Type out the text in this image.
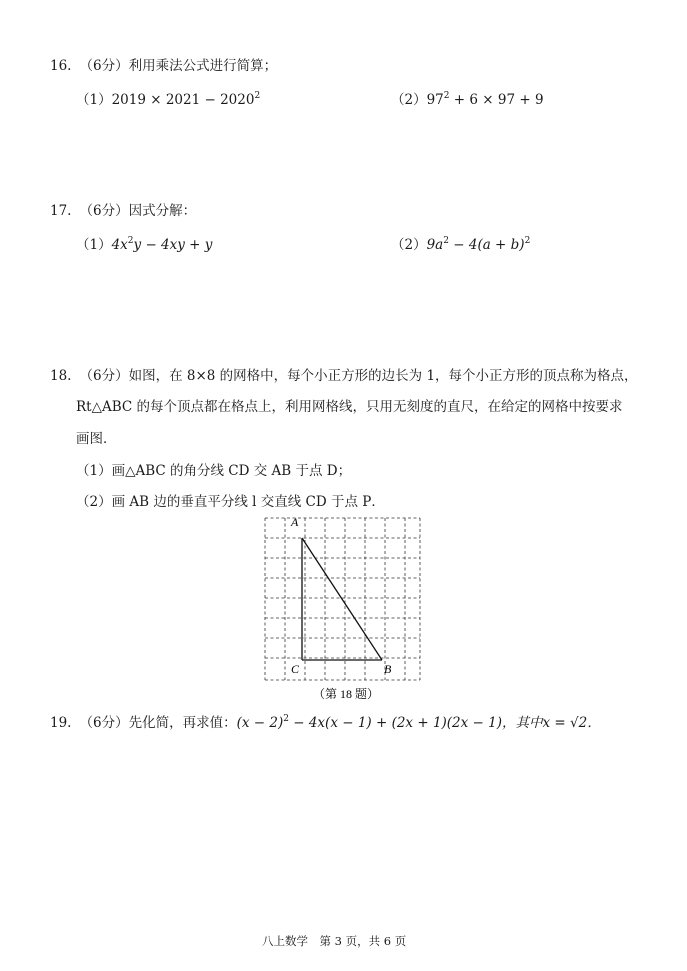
16. （6分）利用乘法公式进行简算；
$(1)2019 \times 2021 - 2020^2$	$(2)97^2 + 6 \times 97 + 9$
17. （6分）因式分解：
$(1)4x^2y - 4xy + y$	$(2)9a^2 - 4(a + b)^2$
18. （6分）如图，在 8×8 的网格中，每个小正方形的边长为 1，每个小正方形的顶点称为格点，
Rt△ABC 的每个顶点都在格点上，利用网格线，只用无刻度的直尺，在给定的网格中按要求
画图．
（1）画△ABC 的角分线 CD 交 AB 于点 D；
（2）画 AB 边的垂直平分线 l 交直线 CD 于点 P．
A
C	B
（第 18 题）
19. （6分）先化简，再求值：$(x - 2)^2 - 4x(x - 1) + (2x + 1)(2x - 1)$，其中x = √2．
八上数学　第 3 页，共 6 页
